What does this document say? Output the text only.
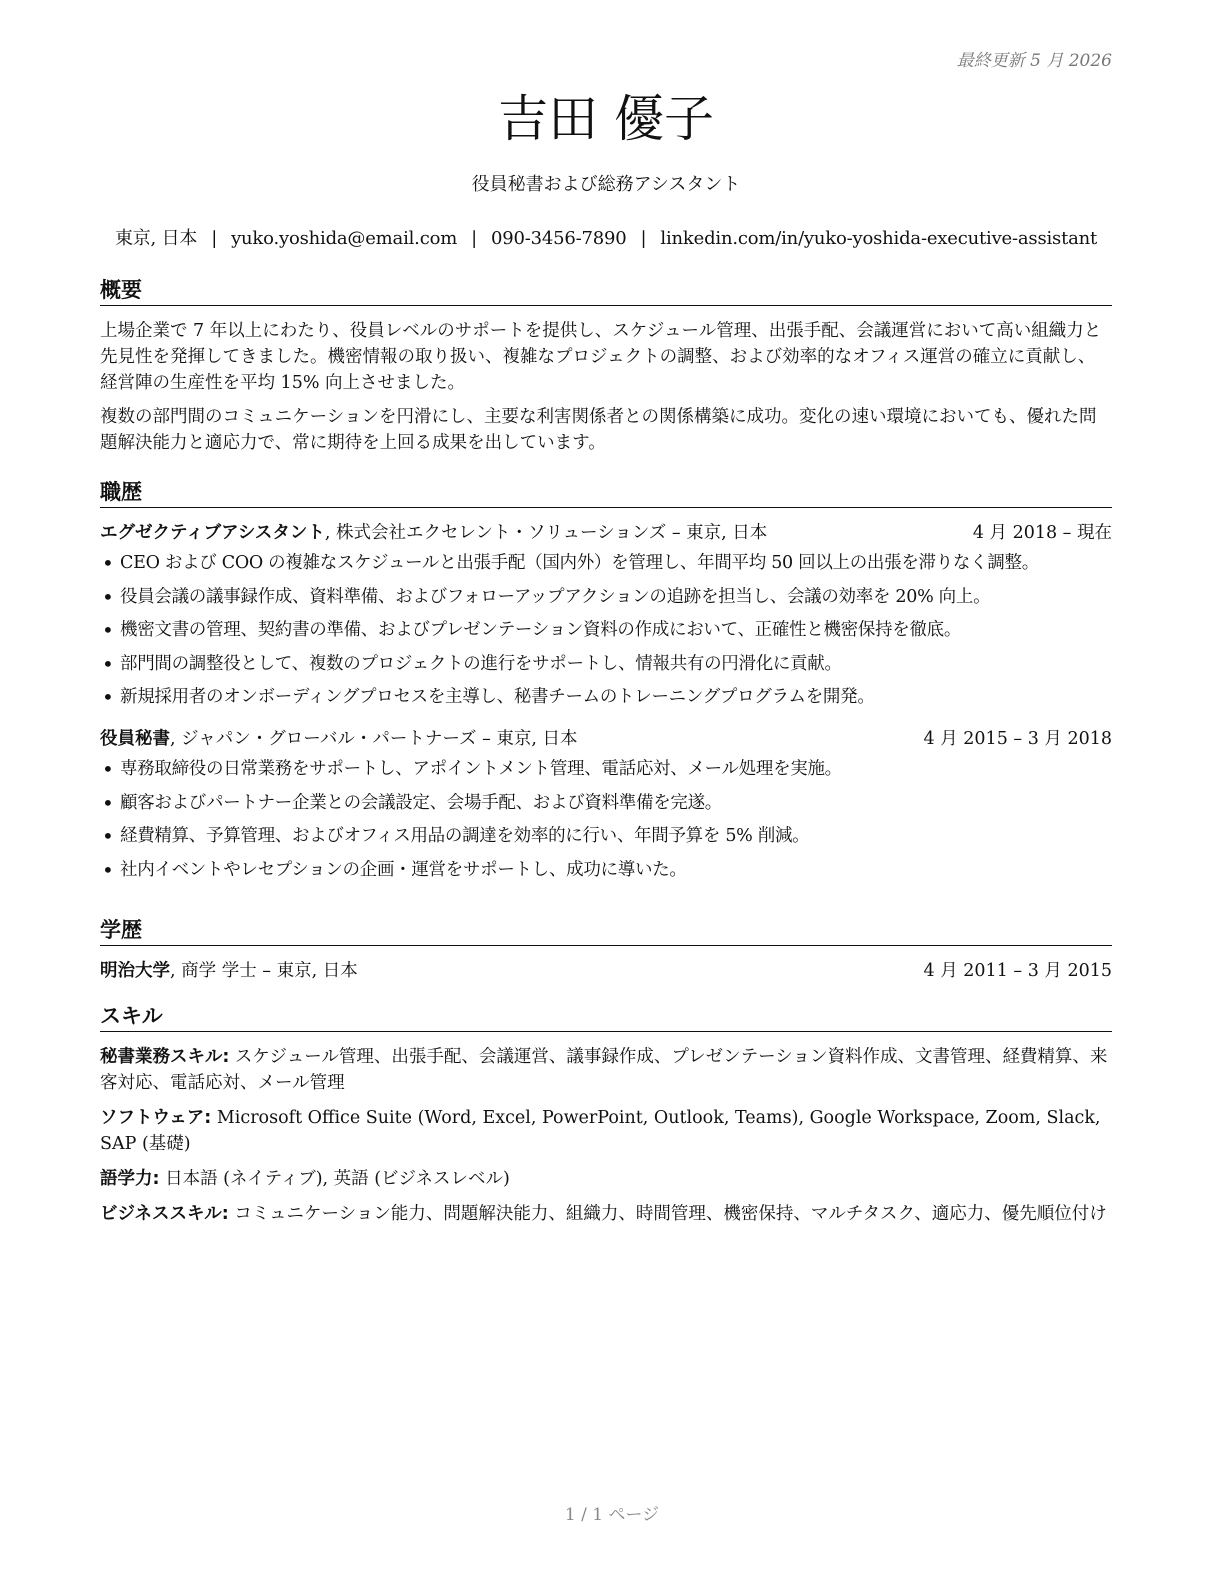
最終更新 5 月 2026
吉田 優子
役員秘書および総務アシスタント
東京, 日本 | yuko.yoshida@email.com | 090-3456-7890 | linkedin.com/in/yuko-yoshida-executive-assistant
概要

上場企業で 7 年以上にわたり、役員レベルのサポートを提供し、スケジュール管理、出張手配、会議運営において高い組織力と先見性を発揮してきました。機密情報の取り扱い、複雑なプロジェクトの調整、および効率的なオフィス運営の確立に貢献し、経営陣の生産性を平均 15% 向上させました。

複数の部門間のコミュニケーションを円滑にし、主要な利害関係者との関係構築に成功。変化の速い環境においても、優れた問題解決能力と適応力で、常に期待を上回る成果を出しています。

職歴
エグゼクティブアシスタント, 株式会社エクセレント・ソリューションズ – 東京, 日本	4 月 2018 – 現在
• CEO および COO の複雑なスケジュールと出張手配（国内外）を管理し、年間平均 50 回以上の出張を滞りなく調整。
• 役員会議の議事録作成、資料準備、およびフォローアップアクションの追跡を担当し、会議の効率を 20% 向上。
• 機密文書の管理、契約書の準備、およびプレゼンテーション資料の作成において、正確性と機密保持を徹底。
• 部門間の調整役として、複数のプロジェクトの進行をサポートし、情報共有の円滑化に貢献。
• 新規採用者のオンボーディングプロセスを主導し、秘書チームのトレーニングプログラムを開発。
役員秘書, ジャパン・グローバル・パートナーズ – 東京, 日本	4 月 2015 – 3 月 2018
• 専務取締役の日常業務をサポートし、アポイントメント管理、電話応対、メール処理を実施。
• 顧客およびパートナー企業との会議設定、会場手配、および資料準備を完遂。
• 経費精算、予算管理、およびオフィス用品の調達を効率的に行い、年間予算を 5% 削減。
• 社内イベントやレセプションの企画・運営をサポートし、成功に導いた。
学歴
明治大学, 商学 学士 – 東京, 日本	4 月 2011 – 3 月 2015
スキル

秘書業務スキル: スケジュール管理、出張手配、会議運営、議事録作成、プレゼンテーション資料作成、文書管理、経費精算、来客対応、電話応対、メール管理

ソフトウェア: Microsoft Office Suite (Word, Excel, PowerPoint, Outlook, Teams), Google Workspace, Zoom, Slack, SAP (基礎)

語学力: 日本語 (ネイティブ), 英語 (ビジネスレベル)

ビジネススキル: コミュニケーション能力、問題解決能力、組織力、時間管理、機密保持、マルチタスク、適応力、優先順位付け

1 / 1 ページ
